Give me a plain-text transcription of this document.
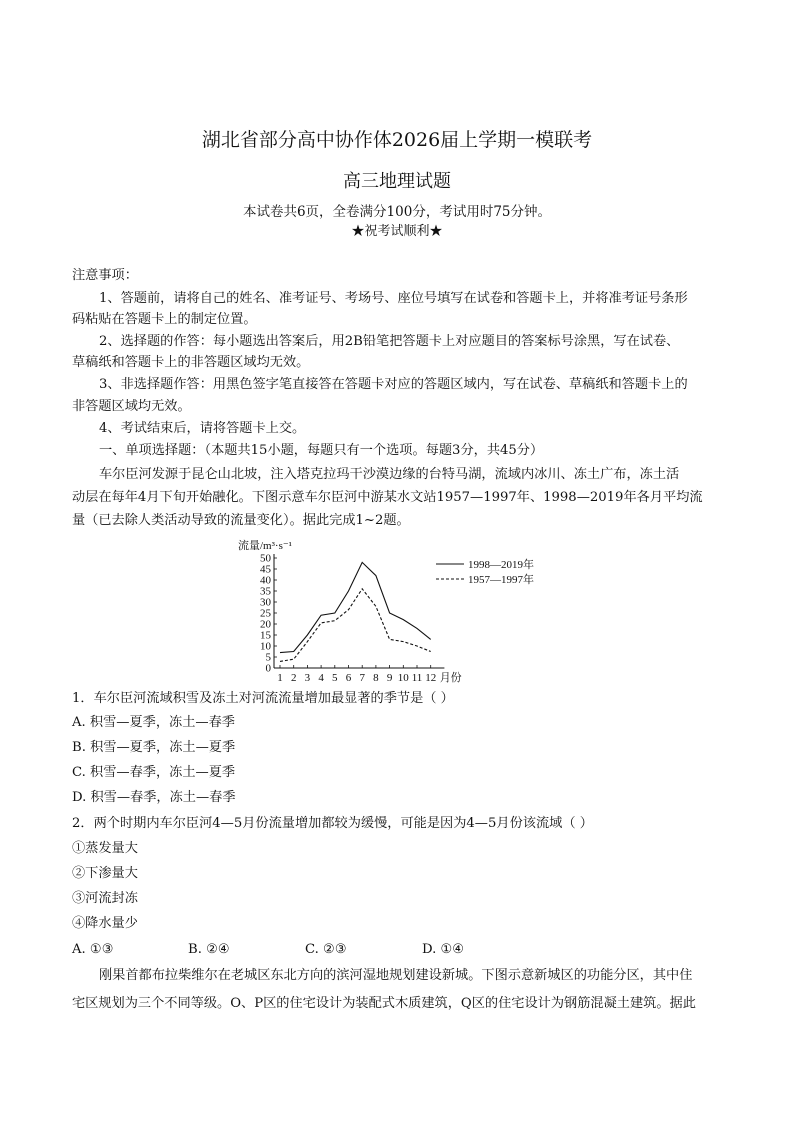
湖北省部分高中协作体2026届上学期一模联考
高三地理试题
本试卷共6页，全卷满分100分，考试用时75分钟。
★祝考试顺利★
注意事项：
1、答题前，请将自己的姓名、准考证号、考场号、座位号填写在试卷和答题卡上，并将准考证号条形
码粘贴在答题卡上的制定位置。
2、选择题的作答：每小题选出答案后，用2B铅笔把答题卡上对应题目的答案标号涂黑，写在试卷、
草稿纸和答题卡上的非答题区域均无效。
3、非选择题作答：用黑色签字笔直接答在答题卡对应的答题区域内，写在试卷、草稿纸和答题卡上的
非答题区域均无效。
4、考试结束后，请将答题卡上交。
一、单项选择题：（本题共15小题，每题只有一个选项。每题3分，共45分）
车尔臣河发源于昆仑山北坡，注入塔克拉玛干沙漠边缘的台特马湖，流域内冰川、冻土广布，冻土活
动层在每年4月下旬开始融化。下图示意车尔臣河中游某水文站1957—1997年、1998—2019年各月平均流
量（已去除人类活动导致的流量变化）。据此完成1~2题。
0
5
10
15
20
25
30
35
40
45
50
流量/m³·s⁻¹
1 2 3 4 5 6 7 8 9 10 11 12 月份
1998—2019年
1957—1997年
1．车尔臣河流域积雪及冻土对河流流量增加最显著的季节是（ ）
A. 积雪—夏季，冻土—春季
B. 积雪—夏季，冻土—夏季
C. 积雪—春季，冻土—夏季
D. 积雪—春季，冻土—春季
2．两个时期内车尔臣河4—5月份流量增加都较为缓慢，可能是因为4—5月份该流域（ ）
①蒸发量大
②下渗量大
③河流封冻
④降水量少
A. ①③	B. ②④	C. ②③	D. ①④
刚果首都布拉柴维尔在老城区东北方向的滨河湿地规划建设新城。下图示意新城区的功能分区，其中住
宅区规划为三个不同等级。O、P区的住宅设计为装配式木质建筑，Q区的住宅设计为钢筋混凝土建筑。据此
